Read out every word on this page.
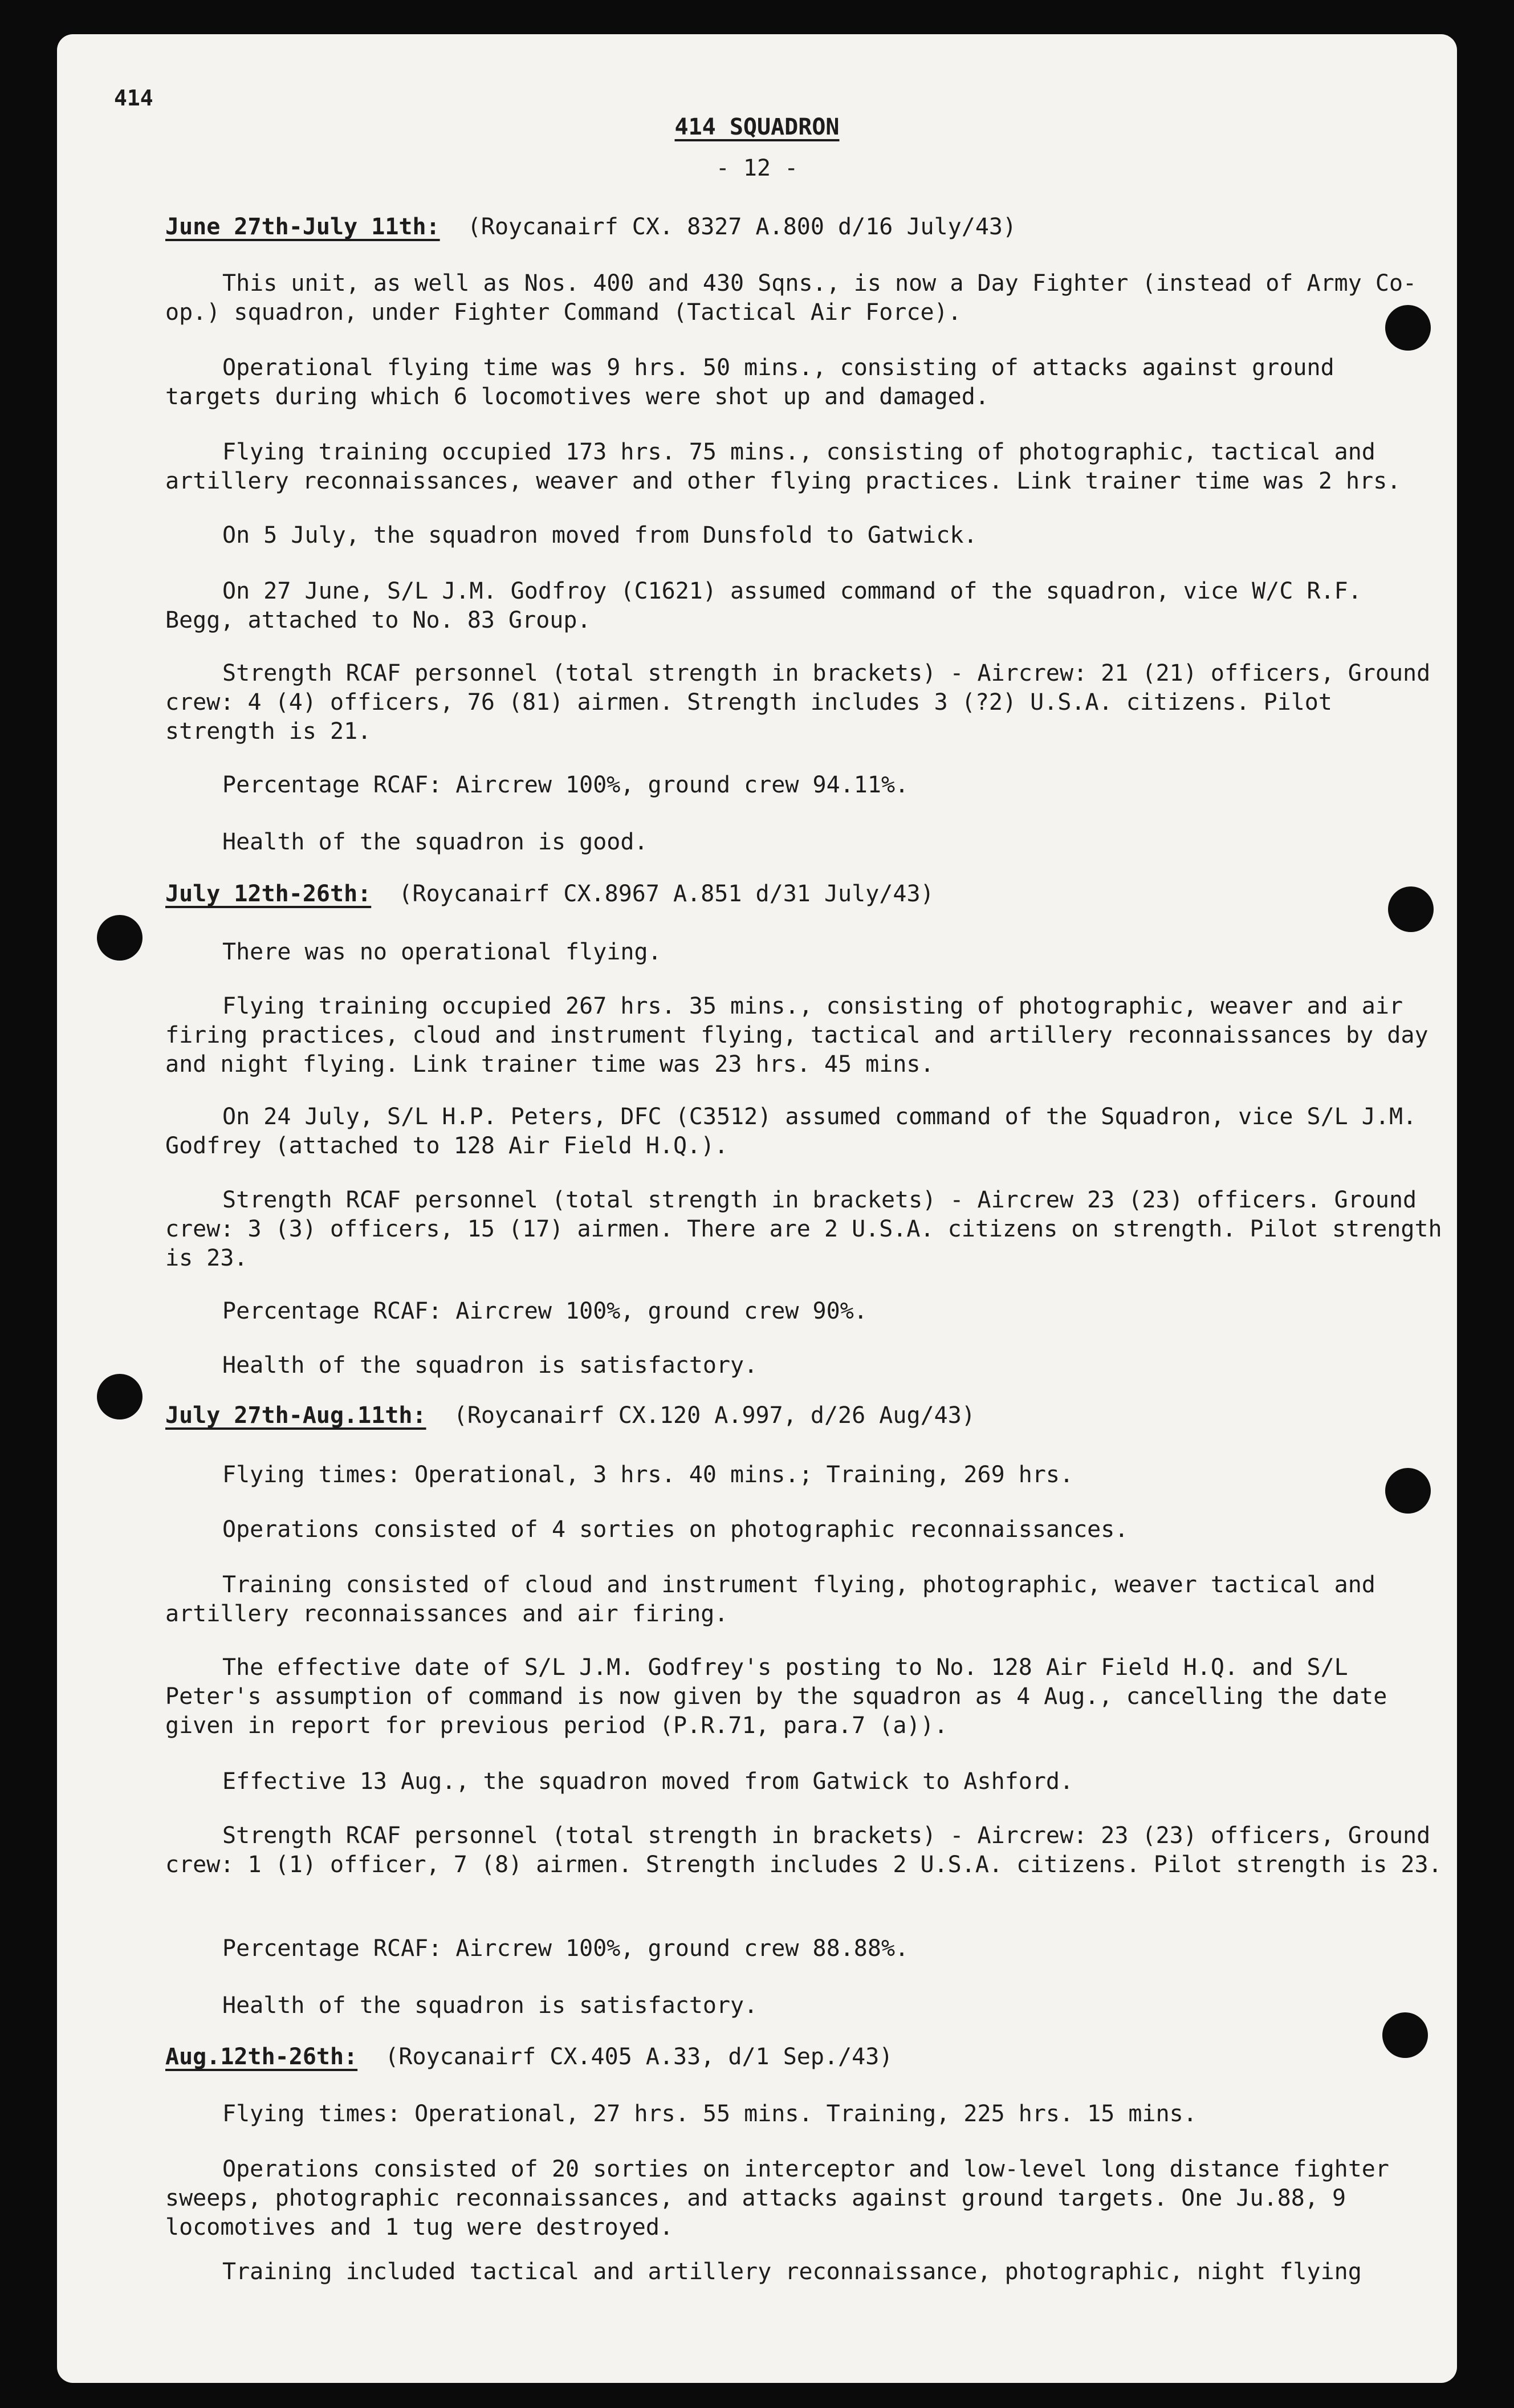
414
414 SQUADRON
- 12 -
June 27th-July 11th: (Roycanairf CX. 8327 A.800 d/16 July/43)
This unit, as well as Nos. 400 and 430 Sqns., is now a Day Fighter (instead of Army Co-op.) squadron, under Fighter Command (Tactical Air Force).
Operational flying time was 9 hrs. 50 mins., consisting of attacks against ground targets during which 6 locomotives were shot up and damaged.
Flying training occupied 173 hrs. 75 mins., consisting of photographic, tactical and artillery reconnaissances, weaver and other flying practices. Link trainer time was 2 hrs.
On 5 July, the squadron moved from Dunsfold to Gatwick.
On 27 June, S/L J.M. Godfroy (C1621) assumed command of the squadron, vice W/C R.F. Begg, attached to No. 83 Group.
Strength RCAF personnel (total strength in brackets) - Aircrew: 21 (21) officers, Ground crew: 4 (4) officers, 76 (81) airmen. Strength includes 3 (?2) U.S.A. citizens. Pilot strength is 21.
Percentage RCAF: Aircrew 100%, ground crew 94.11%.
Health of the squadron is good.
July 12th-26th: (Roycanairf CX.8967 A.851 d/31 July/43)
There was no operational flying.
Flying training occupied 267 hrs. 35 mins., consisting of photographic, weaver and air firing practices, cloud and instrument flying, tactical and artillery reconnaissances by day and night flying. Link trainer time was 23 hrs. 45 mins.
On 24 July, S/L H.P. Peters, DFC (C3512) assumed command of the Squadron, vice S/L J.M. Godfrey (attached to 128 Air Field H.Q.).
Strength RCAF personnel (total strength in brackets) - Aircrew 23 (23) officers. Ground crew: 3 (3) officers, 15 (17) airmen. There are 2 U.S.A. citizens on strength. Pilot strength is 23.
Percentage RCAF: Aircrew 100%, ground crew 90%.
Health of the squadron is satisfactory.
July 27th-Aug.11th: (Roycanairf CX.120 A.997, d/26 Aug/43)
Flying times: Operational, 3 hrs. 40 mins.; Training, 269 hrs.
Operations consisted of 4 sorties on photographic reconnaissances.
Training consisted of cloud and instrument flying, photographic, weaver tactical and artillery reconnaissances and air firing.
The effective date of S/L J.M. Godfrey's posting to No. 128 Air Field H.Q. and S/L Peter's assumption of command is now given by the squadron as 4 Aug., cancelling the date given in report for previous period (P.R.71, para.7 (a)).
Effective 13 Aug., the squadron moved from Gatwick to Ashford.
Strength RCAF personnel (total strength in brackets) - Aircrew: 23 (23) officers, Ground crew: 1 (1) officer, 7 (8) airmen. Strength includes 2 U.S.A. citizens. Pilot strength is 23.
Percentage RCAF: Aircrew 100%, ground crew 88.88%.
Health of the squadron is satisfactory.
Aug.12th-26th: (Roycanairf CX.405 A.33, d/1 Sep./43)
Flying times: Operational, 27 hrs. 55 mins. Training, 225 hrs. 15 mins.
Operations consisted of 20 sorties on interceptor and low-level long distance fighter sweeps, photographic reconnaissances, and attacks against ground targets. One Ju.88, 9 locomotives and 1 tug were destroyed.
Training included tactical and artillery reconnaissance, photographic, night flying
